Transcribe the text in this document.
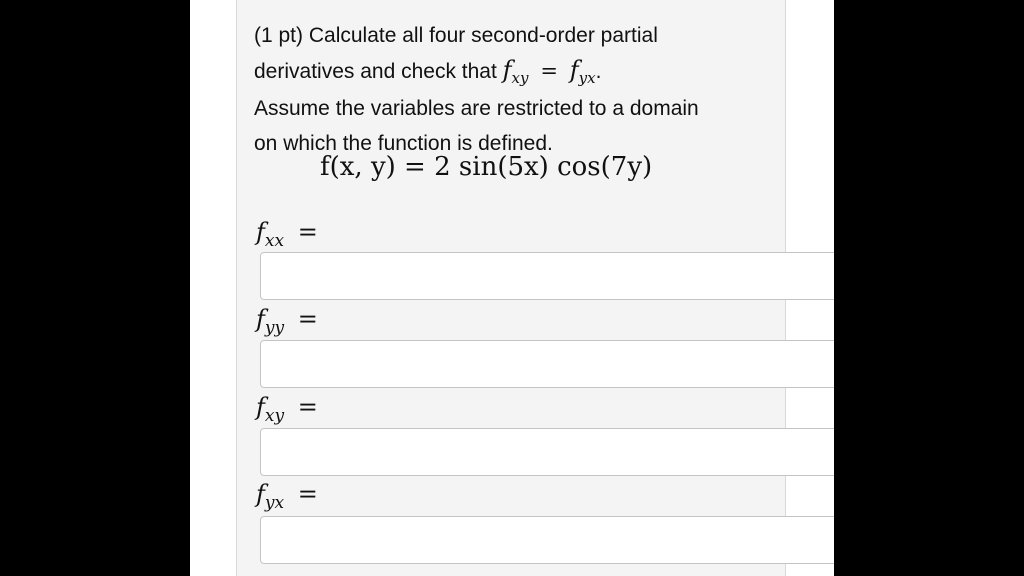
(1 pt) Calculate all four second-order partial

derivatives and check that $f_{xy} = f_{yx}$.

Assume the variables are restricted to a domain

on which the function is defined.

f(x, y) = 2 sin(5x) cos(7y)
$f_{xx}$ =
$f_{yy}$ =
$f_{xy}$ =
$f_{yx}$ =
